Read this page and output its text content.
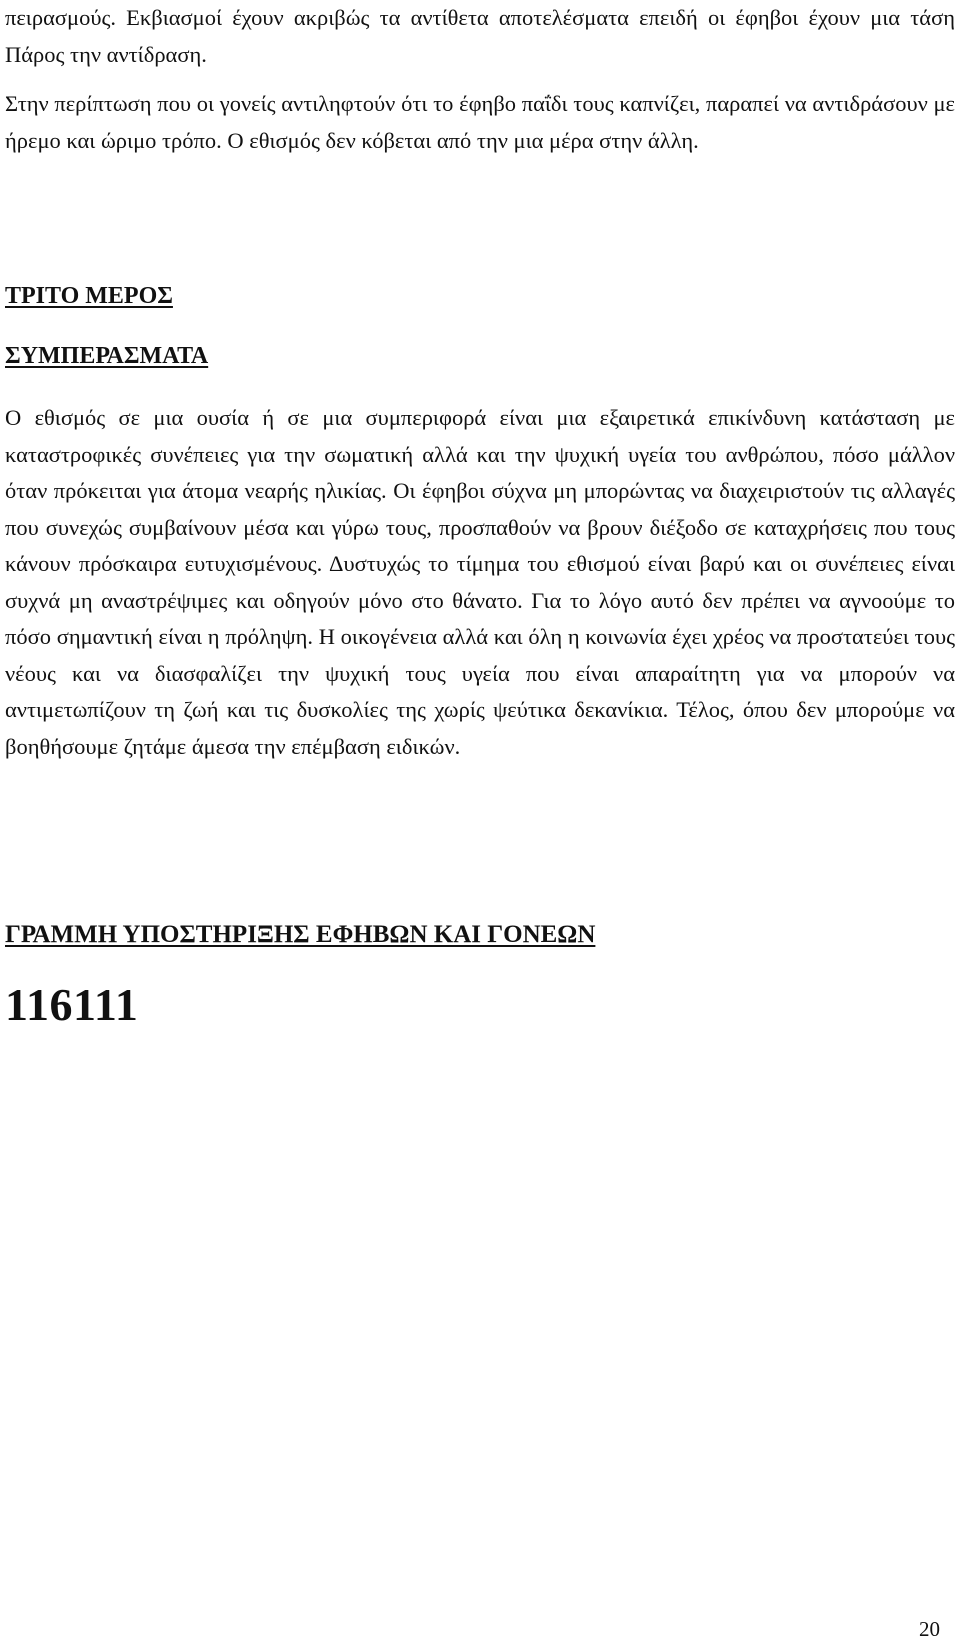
πειρασμούς. Εκβιασμοί έχουν ακριβώς τα αντίθετα αποτελέσματα επειδή οι έφηβοι έχουν μια τάση Πάρος την αντίδραση.

Στην περίπτωση που οι γονείς αντιληφτούν ότι το έφηβο παΐδι τους καπνίζει, παραπεί να αντιδράσουν με ήρεμο και ώριμο τρόπο. Ο εθισμός δεν κόβεται από την μια μέρα στην άλλη.

ΤΡΙΤΟ ΜΕΡΟΣ
ΣΥΜΠΕΡΑΣΜΑΤΑ

Ο εθισμός σε μια ουσία ή σε μια συμπεριφορά είναι μια εξαιρετικά επικίνδυνη κατάσταση με καταστροφικές συνέπειες για την σωματική αλλά και την ψυχική υγεία του ανθρώπου, πόσο μάλλον όταν πρόκειται για άτομα νεαρής ηλικίας. Οι έφηβοι σύχνα μη μπορώντας να διαχειριστούν τις αλλαγές που συνεχώς συμβαίνουν μέσα και γύρω τους, προσπαθούν να βρουν διέξοδο σε καταχρήσεις που τους κάνουν πρόσκαιρα ευτυχισμένους. Δυστυχώς το τίμημα του εθισμού είναι βαρύ και οι συνέπειες είναι συχνά μη αναστρέψιμες και οδηγούν μόνο στο θάνατο. Για το λόγο αυτό δεν πρέπει να αγνοούμε το πόσο σημαντική είναι η πρόληψη. Η οικογένεια αλλά και όλη η κοινωνία έχει χρέος να προστατεύει τους νέους και να διασφαλίζει την ψυχική τους υγεία που είναι απαραίτητη για να μπορούν να αντιμετωπίζουν τη ζωή και τις δυσκολίες της χωρίς ψεύτικα δεκανίκια. Τέλος, όπου δεν μπορούμε να βοηθήσουμε ζητάμε άμεσα την επέμβαση ειδικών.

ΓΡΑΜΜΗ ΥΠΟΣΤΗΡΙΞΗΣ ΕΦΗΒΩΝ ΚΑΙ ΓΟΝΕΩΝ
116111
20
